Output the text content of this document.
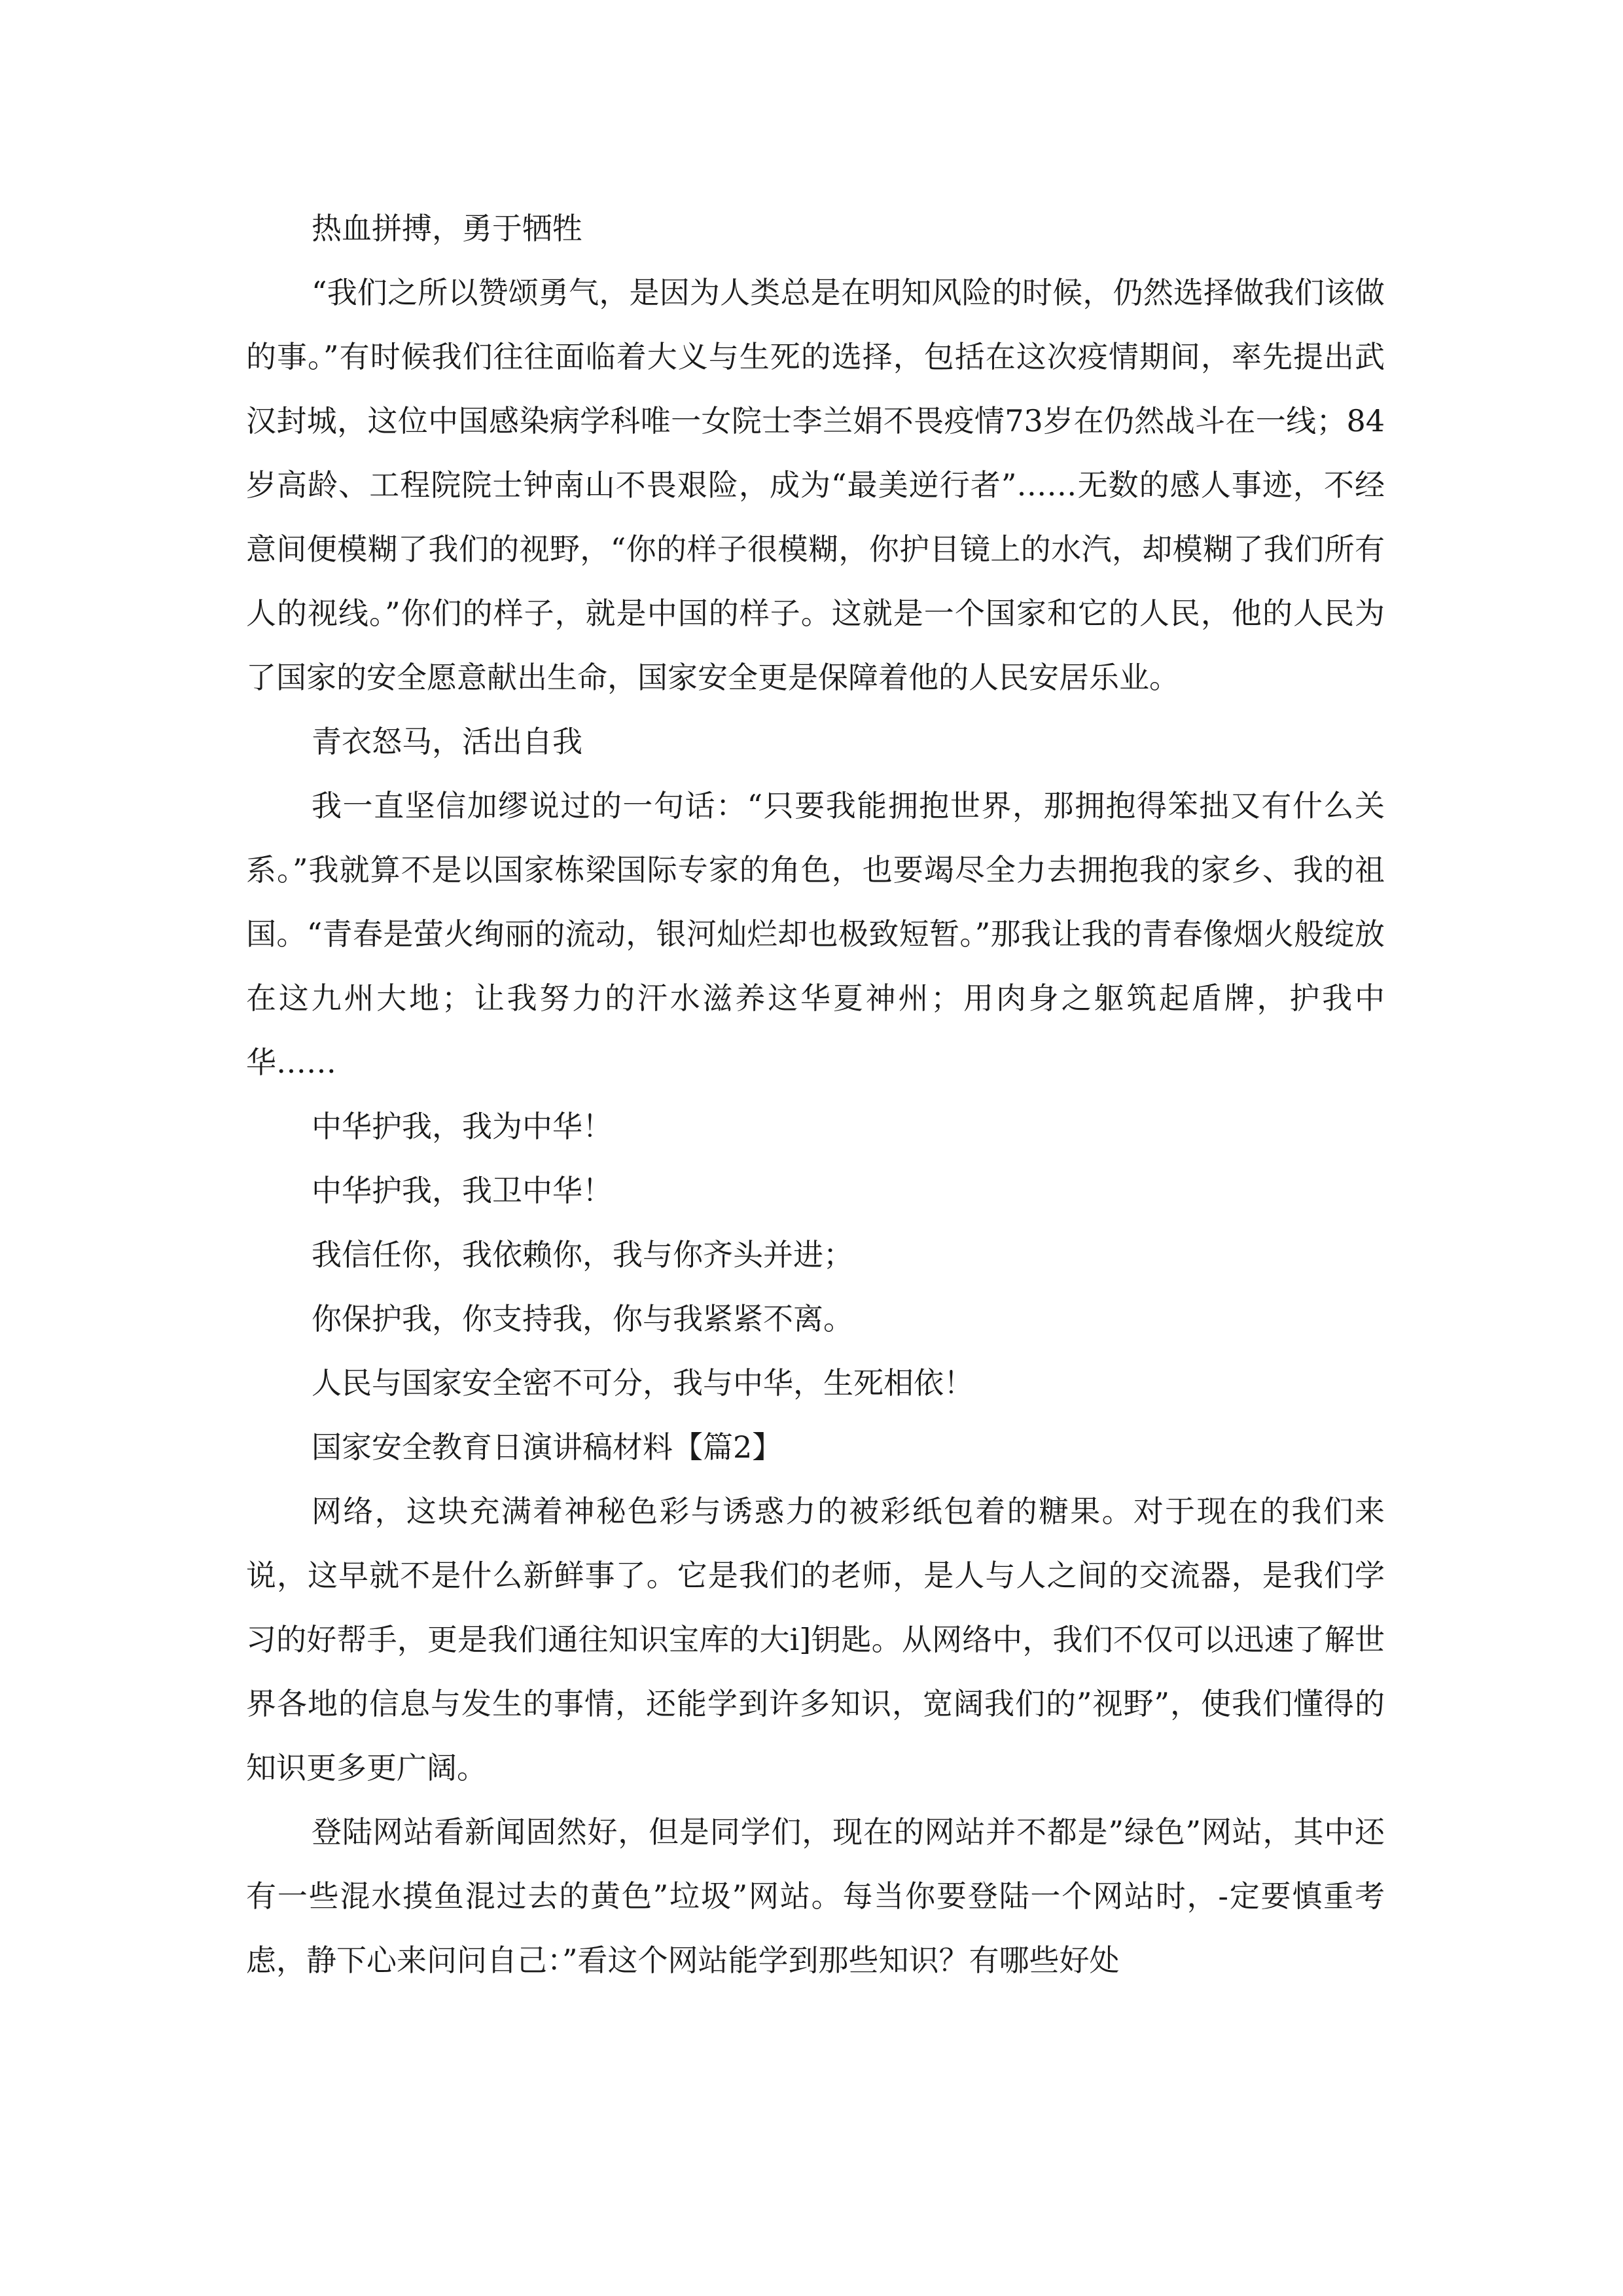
热血拼搏，勇于牺牲

“我们之所以赞颂勇气，是因为人类总是在明知风险的时候，仍然选择做我们该做的事。”有时候我们往往面临着大义与生死的选择，包括在这次疫情期间，率先提出武汉封城，这位中国感染病学科唯一女院士李兰娟不畏疫情73岁在仍然战斗在一线；84岁高龄、工程院院士钟南山不畏艰险，成为“最美逆行者”……无数的感人事迹，不经意间便模糊了我们的视野，“你的样子很模糊，你护目镜上的水汽，却模糊了我们所有人的视线。”你们的样子，就是中国的样子。这就是一个国家和它的人民，他的人民为了国家的安全愿意献出生命，国家安全更是保障着他的人民安居乐业。

青衣怒马，活出自我

我一直坚信加缪说过的一句话：“只要我能拥抱世界，那拥抱得笨拙又有什么关系。”我就算不是以国家栋梁国际专家的角色，也要竭尽全力去拥抱我的家乡、我的祖国。“青春是萤火绚丽的流动，银河灿烂却也极致短暂。”那我让我的青春像烟火般绽放在这九州大地；让我努力的汗水滋养这华夏神州；用肉身之躯筑起盾牌，护我中华……

中华护我，我为中华！

中华护我，我卫中华！

我信任你，我依赖你，我与你齐头并进；

你保护我，你支持我，你与我紧紧不离。

人民与国家安全密不可分，我与中华，生死相依！

国家安全教育日演讲稿材料【篇2】

网络，这块充满着神秘色彩与诱惑力的被彩纸包着的糖果。对于现在的我们来说，这早就不是什么新鲜事了。它是我们的老师，是人与人之间的交流器，是我们学习的好帮手，更是我们通往知识宝库的大i]钥匙。从网络中，我们不仅可以迅速了解世界各地的信息与发生的事情，还能学到许多知识，宽阔我们的”视野”，使我们懂得的知识更多更广阔。

登陆网站看新闻固然好，但是同学们，现在的网站并不都是”绿色”网站，其中还有一些混水摸鱼混过去的黄色”垃圾”网站。每当你要登陆一个网站时，-定要慎重考虑，静下心来问问自己：”看这个网站能学到那些知识？有哪些好处
